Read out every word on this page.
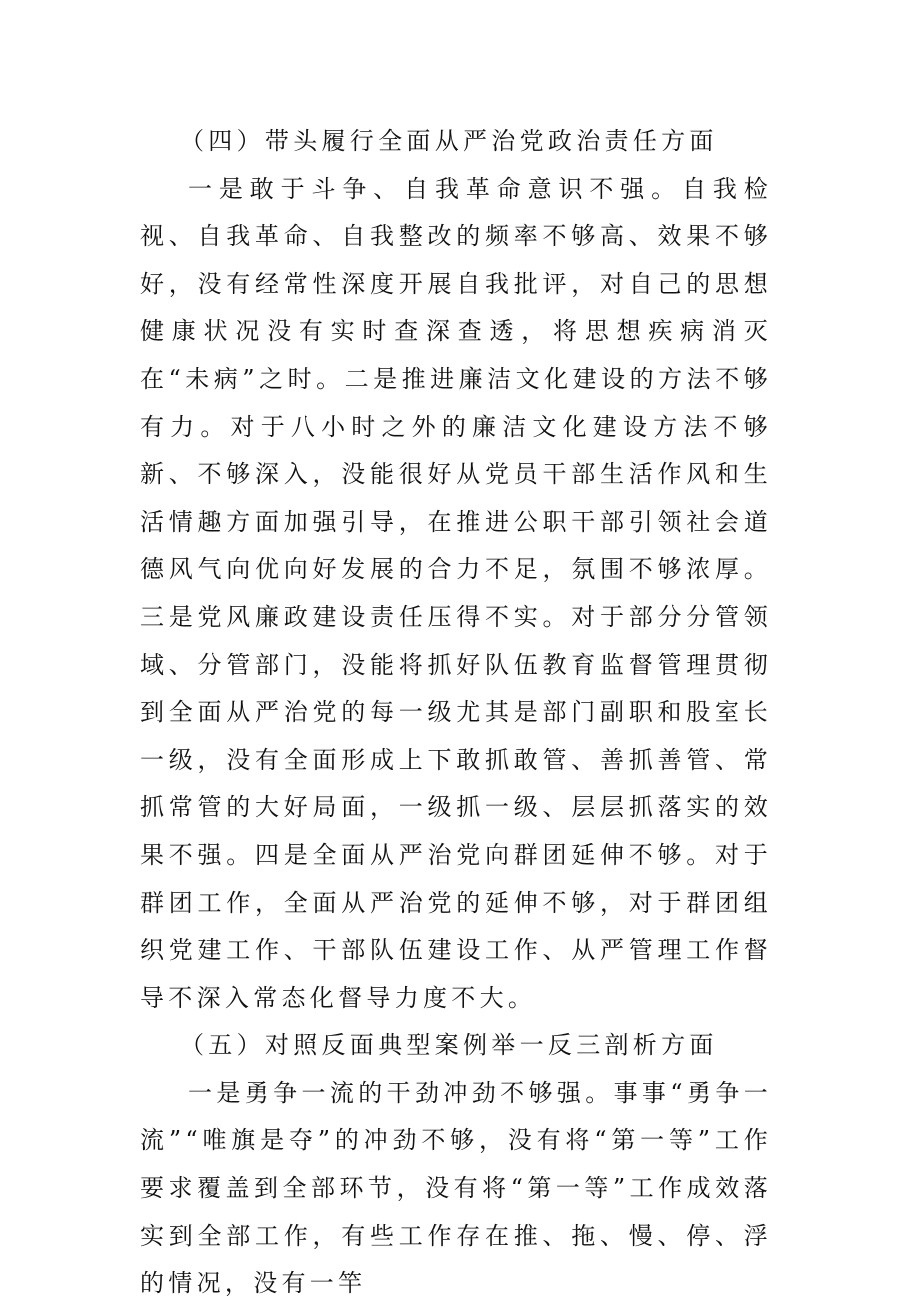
（四）带头履行全面从严治党政治责任方面

一是敢于斗争、自我革命意识不强。自我检视、自我革命、自我整改的频率不够高、效果不够好，没有经常性深度开展自我批评，对自己的思想健康状况没有实时查深查透，将思想疾病消灭在“未病”之时。二是推进廉洁文化建设的方法不够有力。对于八小时之外的廉洁文化建设方法不够新、不够深入，没能很好从党员干部生活作风和生活情趣方面加强引导，在推进公职干部引领社会道德风气向优向好发展的合力不足，氛围不够浓厚。三是党风廉政建设责任压得不实。对于部分分管领域、分管部门，没能将抓好队伍教育监督管理贯彻到全面从严治党的每一级尤其是部门副职和股室长一级，没有全面形成上下敢抓敢管、善抓善管、常抓常管的大好局面，一级抓一级、层层抓落实的效果不强。四是全面从严治党向群团延伸不够。对于群团工作，全面从严治党的延伸不够，对于群团组织党建工作、干部队伍建设工作、从严管理工作督导不深入常态化督导力度不大。

（五）对照反面典型案例举一反三剖析方面

一是勇争一流的干劲冲劲不够强。事事“勇争一流”“唯旗是夺”的冲劲不够，没有将“第一等”工作要求覆盖到全部环节，没有将“第一等”工作成效落实到全部工作，有些工作存在推、拖、慢、停、浮的情况，没有一竿
